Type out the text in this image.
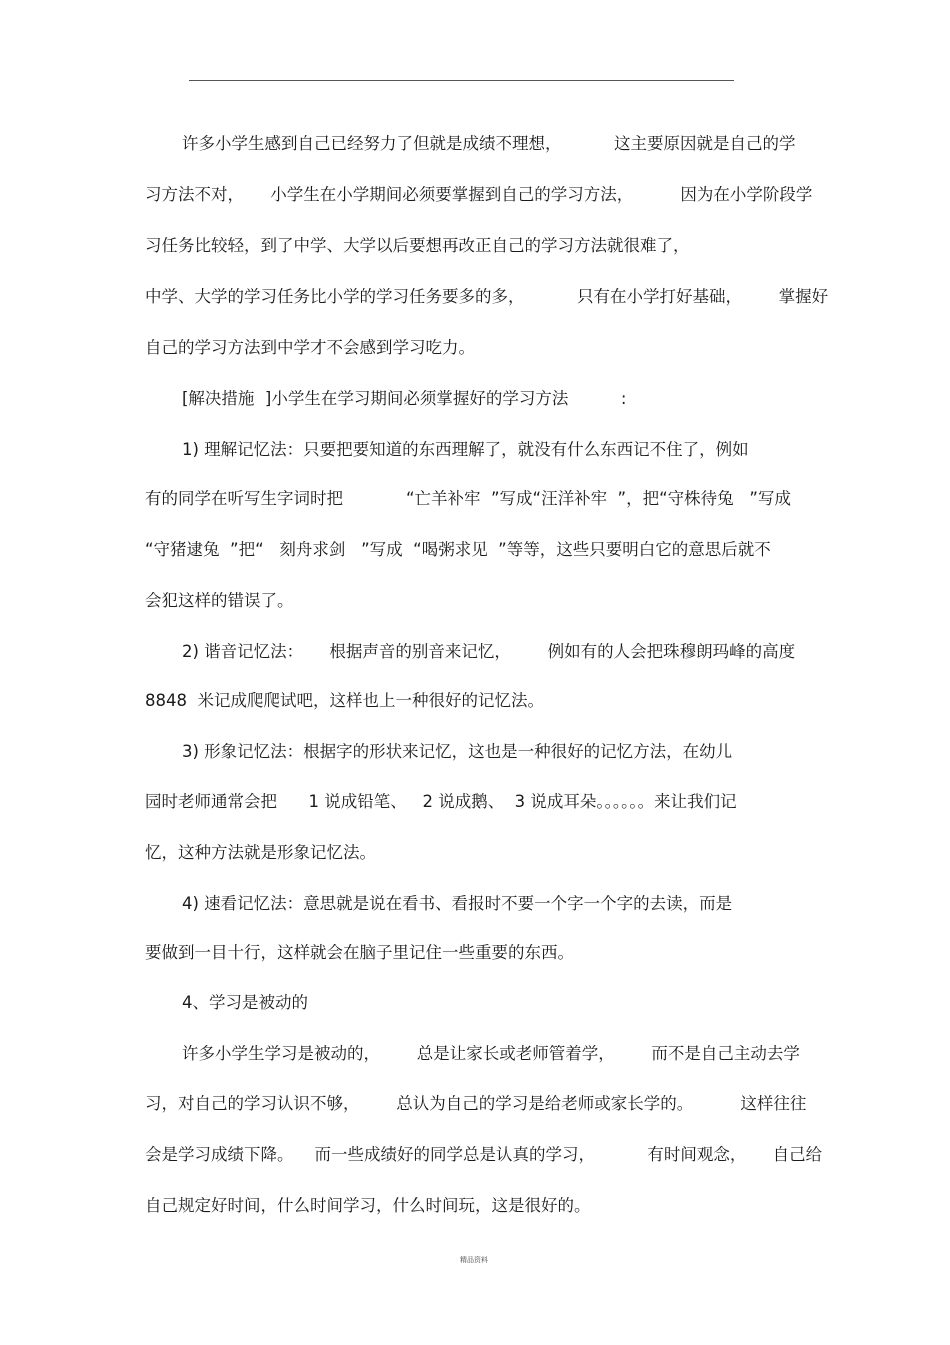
许多小学生感到自己已经努力了但就是成绩不理想，          这主要原因就是自己的学
习方法不对，     小学生在小学期间必须要掌握到自己的学习方法，         因为在小学阶段学
习任务比较轻，到了中学、大学以后要想再改正自己的学习方法就很难了，
中学、大学的学习任务比小学的学习任务要多的多，          只有在小学打好基础，       掌握好
自己的学习方法到中学才不会感到学习吃力。
[解决措施  ]小学生在学习期间必须掌握好的学习方法          :
1) 理解记忆法：只要把要知道的东西理解了，就没有什么东西记不住了，例如
有的同学在听写生字词时把            “亡羊补牢  ”写成“汪洋补牢  ”，把“守株待兔   ”写成
“守猪逮兔  ”把“   刻舟求剑   ”写成  “喝粥求见  ”等等，这些只要明白它的意思后就不
会犯这样的错误了。
2) 谐音记忆法：     根据声音的别音来记忆，       例如有的人会把珠穆朗玛峰的高度
8848  米记成爬爬试吧，这样也上一种很好的记忆法。
3) 形象记忆法：根据字的形状来记忆，这也是一种很好的记忆方法，在幼儿
园时老师通常会把      1 说成铅笔、   2 说成鹅、  3 说成耳朵。。。。。。来让我们记
忆，这种方法就是形象记忆法。
4) 速看记忆法：意思就是说在看书、看报时不要一个字一个字的去读，而是
要做到一目十行，这样就会在脑子里记住一些重要的东西。
4、学习是被动的
许多小学生学习是被动的，       总是让家长或老师管着学，       而不是自己主动去学
习，对自己的学习认识不够，       总认为自己的学习是给老师或家长学的。         这样往往
会是学习成绩下降。    而一些成绩好的同学总是认真的学习，          有时间观念，     自己给
自己规定好时间，什么时间学习，什么时间玩，这是很好的。
精品资料
